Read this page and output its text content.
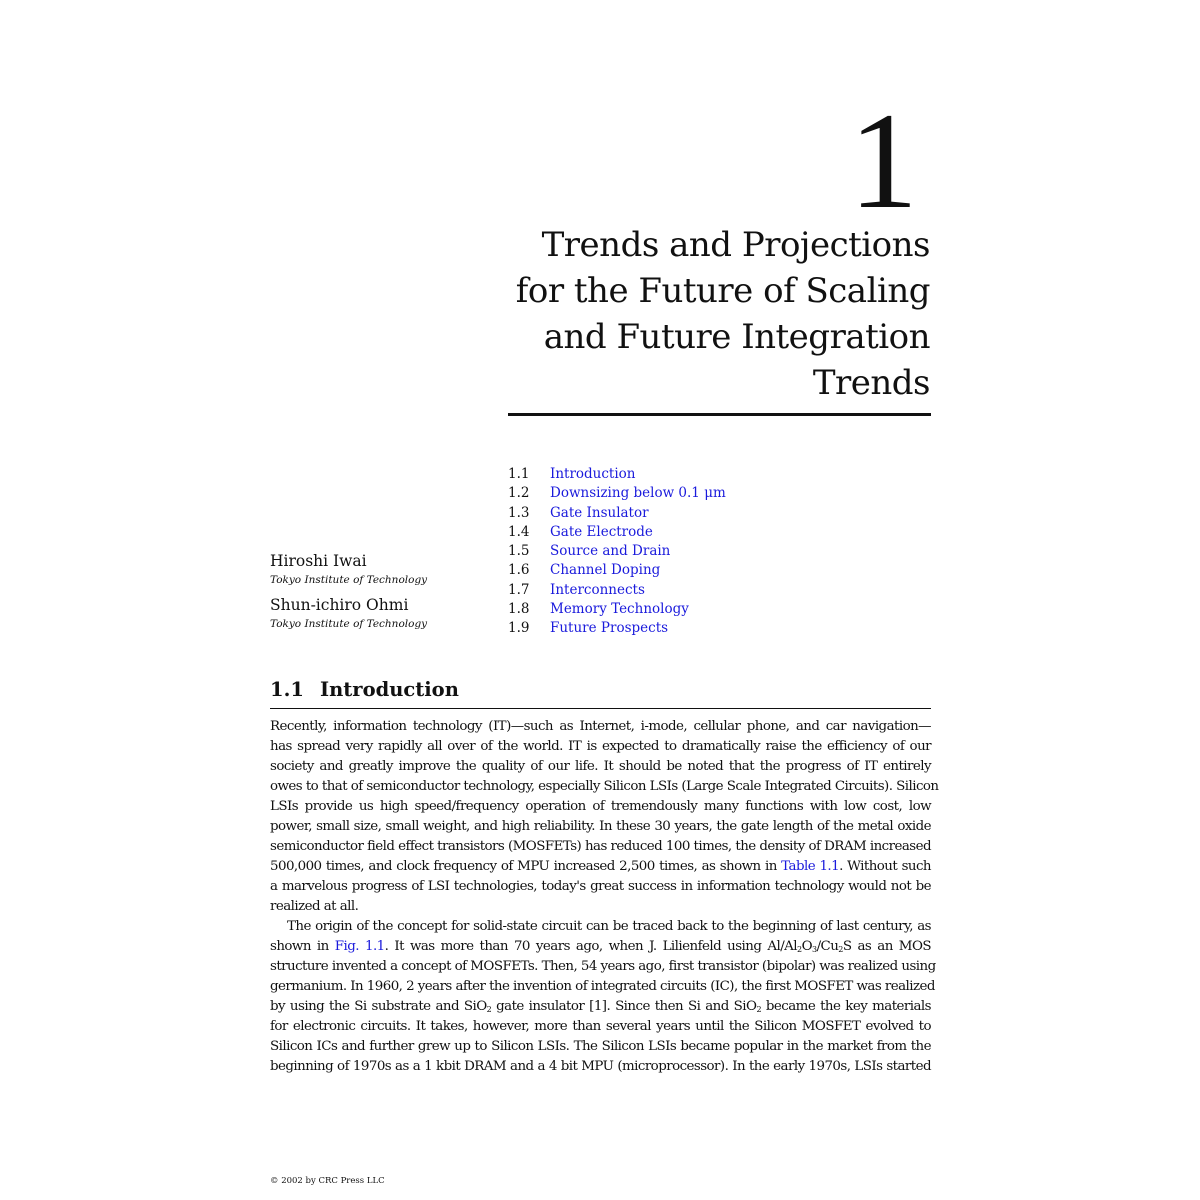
1
Trends and Projections
for the Future of Scaling
and Future Integration
Trends
1.1 Introduction
1.2 Downsizing below 0.1 μm
1.3 Gate Insulator
1.4 Gate Electrode
1.5 Source and Drain
1.6 Channel Doping
1.7 Interconnects
1.8 Memory Technology
1.9 Future Prospects
Hiroshi Iwai
Tokyo Institute of Technology
Shun-ichiro Ohmi
Tokyo Institute of Technology
1.1 Introduction
Recently, information technology (IT)—such as Internet, i-mode, cellular phone, and car navigation—
has spread very rapidly all over of the world. IT is expected to dramatically raise the efficiency of our
society and greatly improve the quality of our life. It should be noted that the progress of IT entirely
owes to that of semiconductor technology, especially Silicon LSIs (Large Scale Integrated Circuits). Silicon
LSIs provide us high speed/frequency operation of tremendously many functions with low cost, low
power, small size, small weight, and high reliability. In these 30 years, the gate length of the metal oxide
semiconductor field effect transistors (MOSFETs) has reduced 100 times, the density of DRAM increased
500,000 times, and clock frequency of MPU increased 2,500 times, as shown in Table 1.1. Without such
a marvelous progress of LSI technologies, today's great success in information technology would not be
realized at all.
The origin of the concept for solid-state circuit can be traced back to the beginning of last century, as
shown in Fig. 1.1. It was more than 70 years ago, when J. Lilienfeld using $Al/Al_2O_3/Cu_2S$ as an MOS
structure invented a concept of MOSFETs. Then, 54 years ago, first transistor (bipolar) was realized using
germanium. In 1960, 2 years after the invention of integrated circuits (IC), the first MOSFET was realized
by using the Si substrate and SiO$_2$ gate insulator [1]. Since then Si and SiO$_2$ became the key materials
for electronic circuits. It takes, however, more than several years until the Silicon MOSFET evolved to
Silicon ICs and further grew up to Silicon LSIs. The Silicon LSIs became popular in the market from the
beginning of 1970s as a 1 kbit DRAM and a 4 bit MPU (microprocessor). In the early 1970s, LSIs started
© 2002 by CRC Press LLC
